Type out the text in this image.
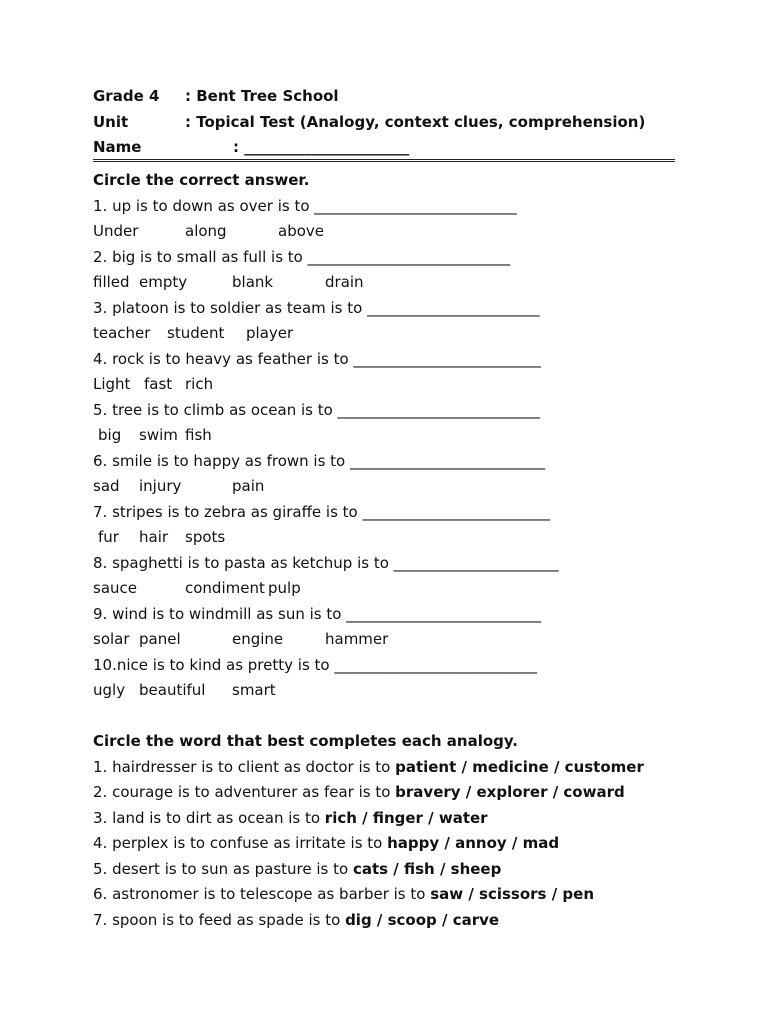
Grade 4	: Bent Tree School
Unit	: Topical Test (Analogy, context clues, comprehension)
Name	: ______________________
Circle the correct answer.
1. up is to down as over is to ___________________________
Under	along	above
2. big is to small as full is to ___________________________
filled empty	blank	drain
3. platoon is to soldier as team is to _______________________
teacher student player
4. rock is to heavy as feather is to _________________________
Light fast rich
5. tree is to climb as ocean is to ___________________________
big swim fish
6. smile is to happy as frown is to __________________________
sad injury	pain
7. stripes is to zebra as giraffe is to _________________________
fur hair spots
8. spaghetti is to pasta as ketchup is to ______________________
sauce	condiment pulp
9. wind is to windmill as sun is to __________________________
solar panel	engine	hammer
10.nice is to kind as pretty is to ___________________________
ugly beautiful smart
Circle the word that best completes each analogy.
1. hairdresser is to client as doctor is to patient / medicine / customer
2. courage is to adventurer as fear is to bravery / explorer / coward
3. land is to dirt as ocean is to rich / finger / water
4. perplex is to confuse as irritate is to happy / annoy / mad
5. desert is to sun as pasture is to cats / fish / sheep
6. astronomer is to telescope as barber is to saw / scissors / pen
7. spoon is to feed as spade is to dig / scoop / carve
